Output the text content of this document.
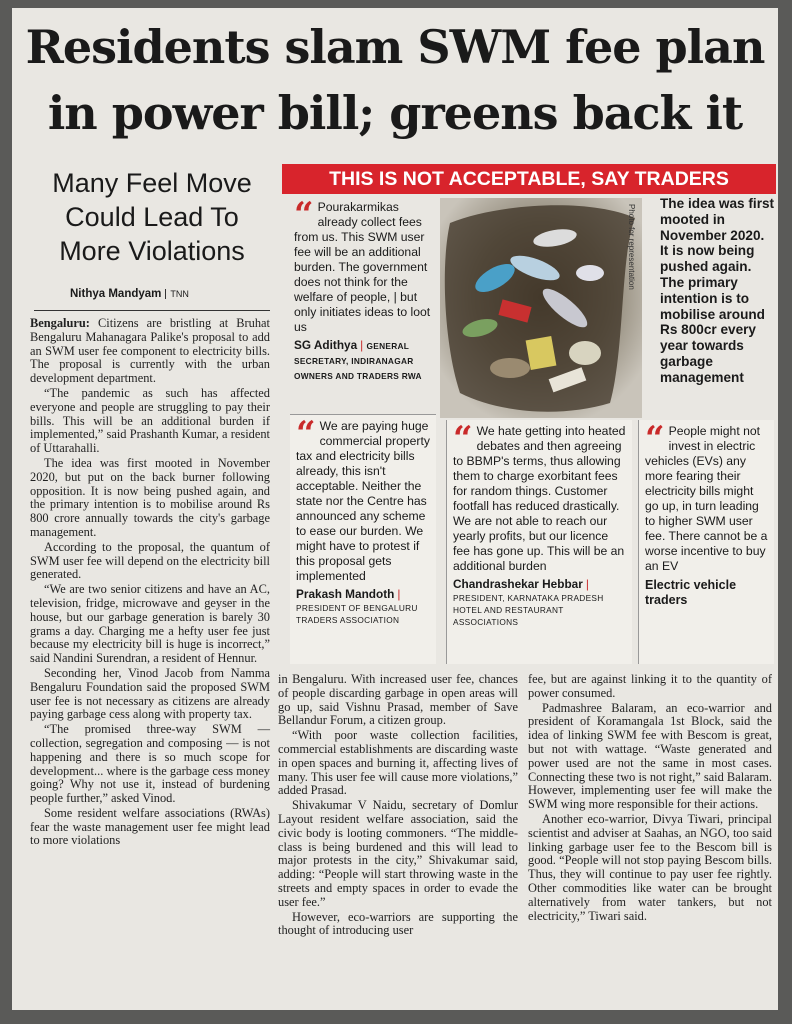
Residents slam SWM fee plan
in power bill; greens back it
Many Feel Move Could Lead To More Violations
Nithya Mandyam TNN

Bengaluru: Citizens are bristling at Bruhat Bengaluru Mahanagara Palike's proposal to add an SWM user fee component to electricity bills. The proposal is currently with the urban development department.

“The pandemic as such has affected everyone and people are struggling to pay their bills. This will be an additional burden if implemented,” said Prashanth Kumar, a resident of Uttarahalli.

The idea was first mooted in November 2020, but put on the back burner following opposition. It is now being pushed again, and the primary intention is to mobilise around Rs 800 crore annually towards the city's garbage management.

According to the proposal, the quantum of SWM user fee will depend on the electricity bill generated.

“We are two senior citizens and have an AC, television, fridge, microwave and geyser in the house, but our garbage generation is barely 30 grams a day. Charging me a hefty user fee just because my electricity bill is huge is incorrect,” said Nandini Surendran, a resident of Hennur.

Seconding her, Vinod Jacob from Namma Bengaluru Foundation said the proposed SWM user fee is not necessary as citizens are already paying garbage cess along with property tax.

“The promised three-way SWM — collection, segregation and composing — is not happening and there is so much scope for development... where is the garbage cess money going? Why not use it, instead of burdening people further,” asked Vinod.

Some resident welfare associations (RWAs) fear the waste management user fee might lead to more violations

THIS IS NOT ACCEPTABLE, SAY TRADERS
“ Pourakarmikas already collect fees from us. This SWM user fee will be an additional burden. The government does not think for the welfare of people, | but only initiates ideas to loot us
SG Adithya | GENERAL SECRETARY, INDIRANAGAR OWNERS AND TRADERS RWA
Photo for representation
The idea was first mooted in November 2020. It is now being pushed again. The primary intention is to mobilise around Rs 800cr every year towards garbage management
“ We are paying huge commercial property tax and electricity bills already, this isn't acceptable. Neither the state nor the Centre has announced any scheme to ease our burden. We might have to protest if this proposal gets implemented
Prakash Mandoth |
PRESIDENT OF BENGALURU TRADERS ASSOCIATION
“ We hate getting into heated debates and then agreeing to BBMP's terms, thus allowing them to charge exorbitant fees for random things. Customer footfall has reduced drastically. We are not able to reach our yearly profits, but our licence fee has gone up. This will be an additional burden
Chandrashekar Hebbar |
PRESIDENT, KARNATAKA PRADESH HOTEL AND RESTAURANT ASSOCIATIONS
“ People might not invest in electric vehicles (EVs) any more fearing their electricity bills might go up, in turn leading to higher SWM user fee. There cannot be a worse incentive to buy an EV
Electric vehicle traders

in Bengaluru. With increased user fee, chances of people discarding garbage in open areas will go up, said Vishnu Prasad, member of Save Bellandur Forum, a citizen group.

“With poor waste collection facilities, commercial establishments are discarding waste in open spaces and burning it, affecting lives of many. This user fee will cause more violations,” added Prasad.

Shivakumar V Naidu, secretary of Domlur Layout resident welfare association, said the civic body is looting commoners. “The middle-class is being burdened and this will lead to major protests in the city,” Shivakumar said, adding: “People will start throwing waste in the streets and empty spaces in order to evade the user fee.”

However, eco-warriors are supporting the thought of introducing user

fee, but are against linking it to the quantity of power consumed.

Padmashree Balaram, an eco-warrior and president of Koramangala 1st Block, said the idea of linking SWM fee with Bescom is great, but not with wattage. “Waste generated and power used are not the same in most cases. Connecting these two is not right,” said Balaram. However, implementing user fee will make the SWM wing more responsible for their actions.

Another eco-warrior, Divya Tiwari, principal scientist and adviser at Saahas, an NGO, too said linking garbage user fee to the Bescom bill is good. “People will not stop paying Bescom bills. Thus, they will continue to pay user fee rightly. Other commodities like water can be brought alternatively from water tankers, but not electricity,” Tiwari said.
